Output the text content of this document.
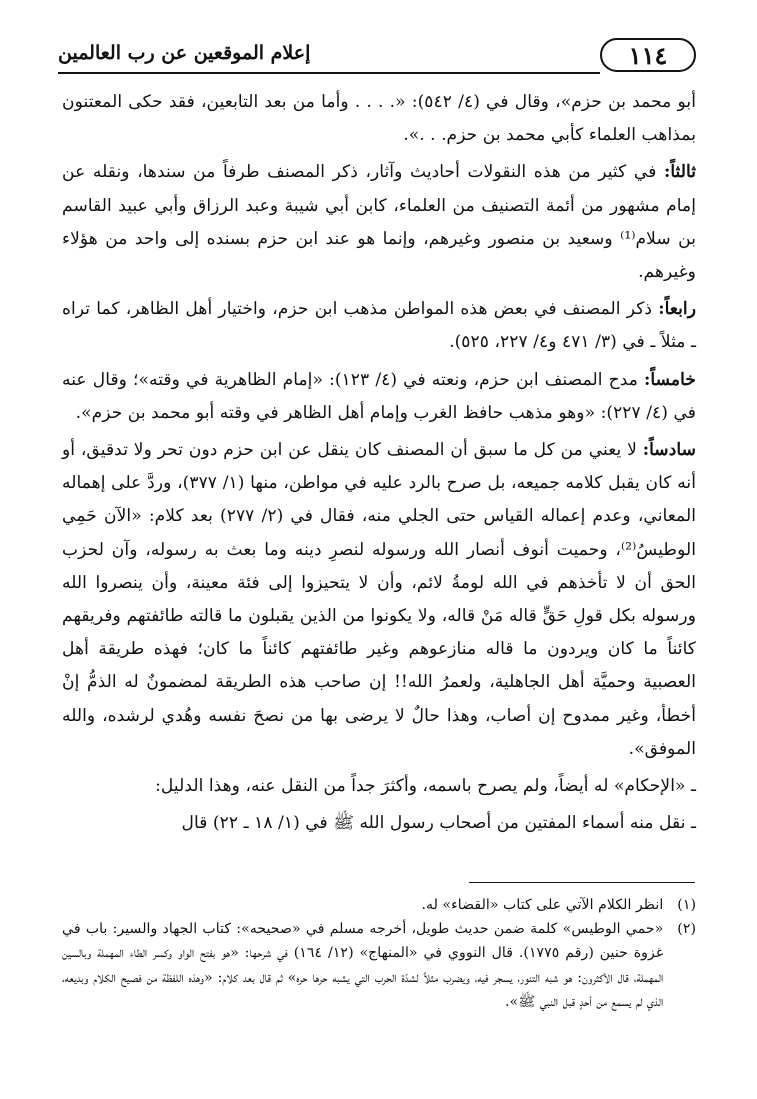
١١٤
إعلام الموقعين عن رب العالمين

أبو محمد بن حزم»، وقال في (٤/ ٥٤٢): «. . . . وأما من بعد التابعين، فقد حكى المعتنون بمذاهب العلماء كأبي محمد بن حزم. . .».

ثالثاً: في كثير من هذه النقولات أحاديث وآثار، ذكر المصنف طرفاً من سندها، ونقله عن إمام مشهور من أئمة التصنيف من العلماء، كابن أبي شيبة وعبد الرزاق وأبي عبيد القاسم بن سلام⁽¹⁾ وسعيد بن منصور وغيرهم، وإنما هو عند ابن حزم بسنده إلى واحد من هؤلاء وغيرهم.

رابعاً: ذكر المصنف في بعض هذه المواطن مذهب ابن حزم، واختيار أهل الظاهر، كما تراه ـ مثلاً ـ في (٣/ ٤٧١ و٤/ ٢٢٧، ٥٢٥).

خامساً: مدح المصنف ابن حزم، ونعته في (٤/ ١٢٣): «إمام الظاهرية في وقته»؛ وقال عنه في (٤/ ٢٢٧): «وهو مذهب حافظ الغرب وإمام أهل الظاهر في وقته أبو محمد بن حزم».

سادساً: لا يعني من كل ما سبق أن المصنف كان ينقل عن ابن حزم دون تحر ولا تدقيق، أو أنه كان يقبل كلامه جميعه، بل صرح بالرد عليه في مواطن، منها (١/ ٣٧٧)، وردَّ على إهماله المعاني، وعدم إعماله القياس حتى الجلي منه، فقال في (٢/ ٢٧٧) بعد كلام: «الآن حَمِي الوطيسُ⁽²⁾، وحميت أنوف أنصار الله ورسوله لنصرِ دينه وما بعث به رسوله، وآن لحزب الحق أن لا تأخذهم في الله لومةُ لائم، وأن لا يتحيزوا إلى فئة معينة، وأن ينصروا الله ورسوله بكل قولِ حَقٍّ قاله مَنْ قاله، ولا يكونوا من الذين يقبلون ما قالته طائفتهم وفريقهم كائناً ما كان ويردون ما قاله منازعوهم وغير طائفتهم كائناً ما كان؛ فهذه طريقة أهل العصبية وحميَّة أهل الجاهلية، ولعمرُ الله!! إن صاحب هذه الطريقة لمضمونٌ له الذمُّ إنْ أخطأ، وغير ممدوح إن أصاب، وهذا حالٌ لا يرضى بها من نصحَ نفسه وهُدي لرشده، والله الموفق».

ـ «الإحكام» له أيضاً، ولم يصرح باسمه، وأكثرَ جداً من النقل عنه، وهذا الدليل:

ـ نقل منه أسماء المفتين من أصحاب رسول الله ﷺ في (١/ ١٨ ـ ٢٢) قال

(١)
انظر الكلام الآتي على كتاب «القضاء» له.
(٢)
«حمي الوطيس» كلمة ضمن حديث طويل، أخرجه مسلم في «صحيحه»: كتاب الجهاد والسير: باب في غزوة حنين (رقم ١٧٧٥). قال النووي في «المنهاج» (١٢/ ١٦٤) في شرحها: «هو بفتح الواو وكسر الطاء المهملة وبالسين المهملة، قال الأكثرون: هو شبه التنور، يسجر فيه، ويضرب مثلاً لشدّة الحرب التي يشبه حرها حره» ثم قال بعد كلام: «وهذه اللفظة من فصيح الكلام وبديعه، الذي لم يسمع من أحدٍ قبل النبي ﷺ».
